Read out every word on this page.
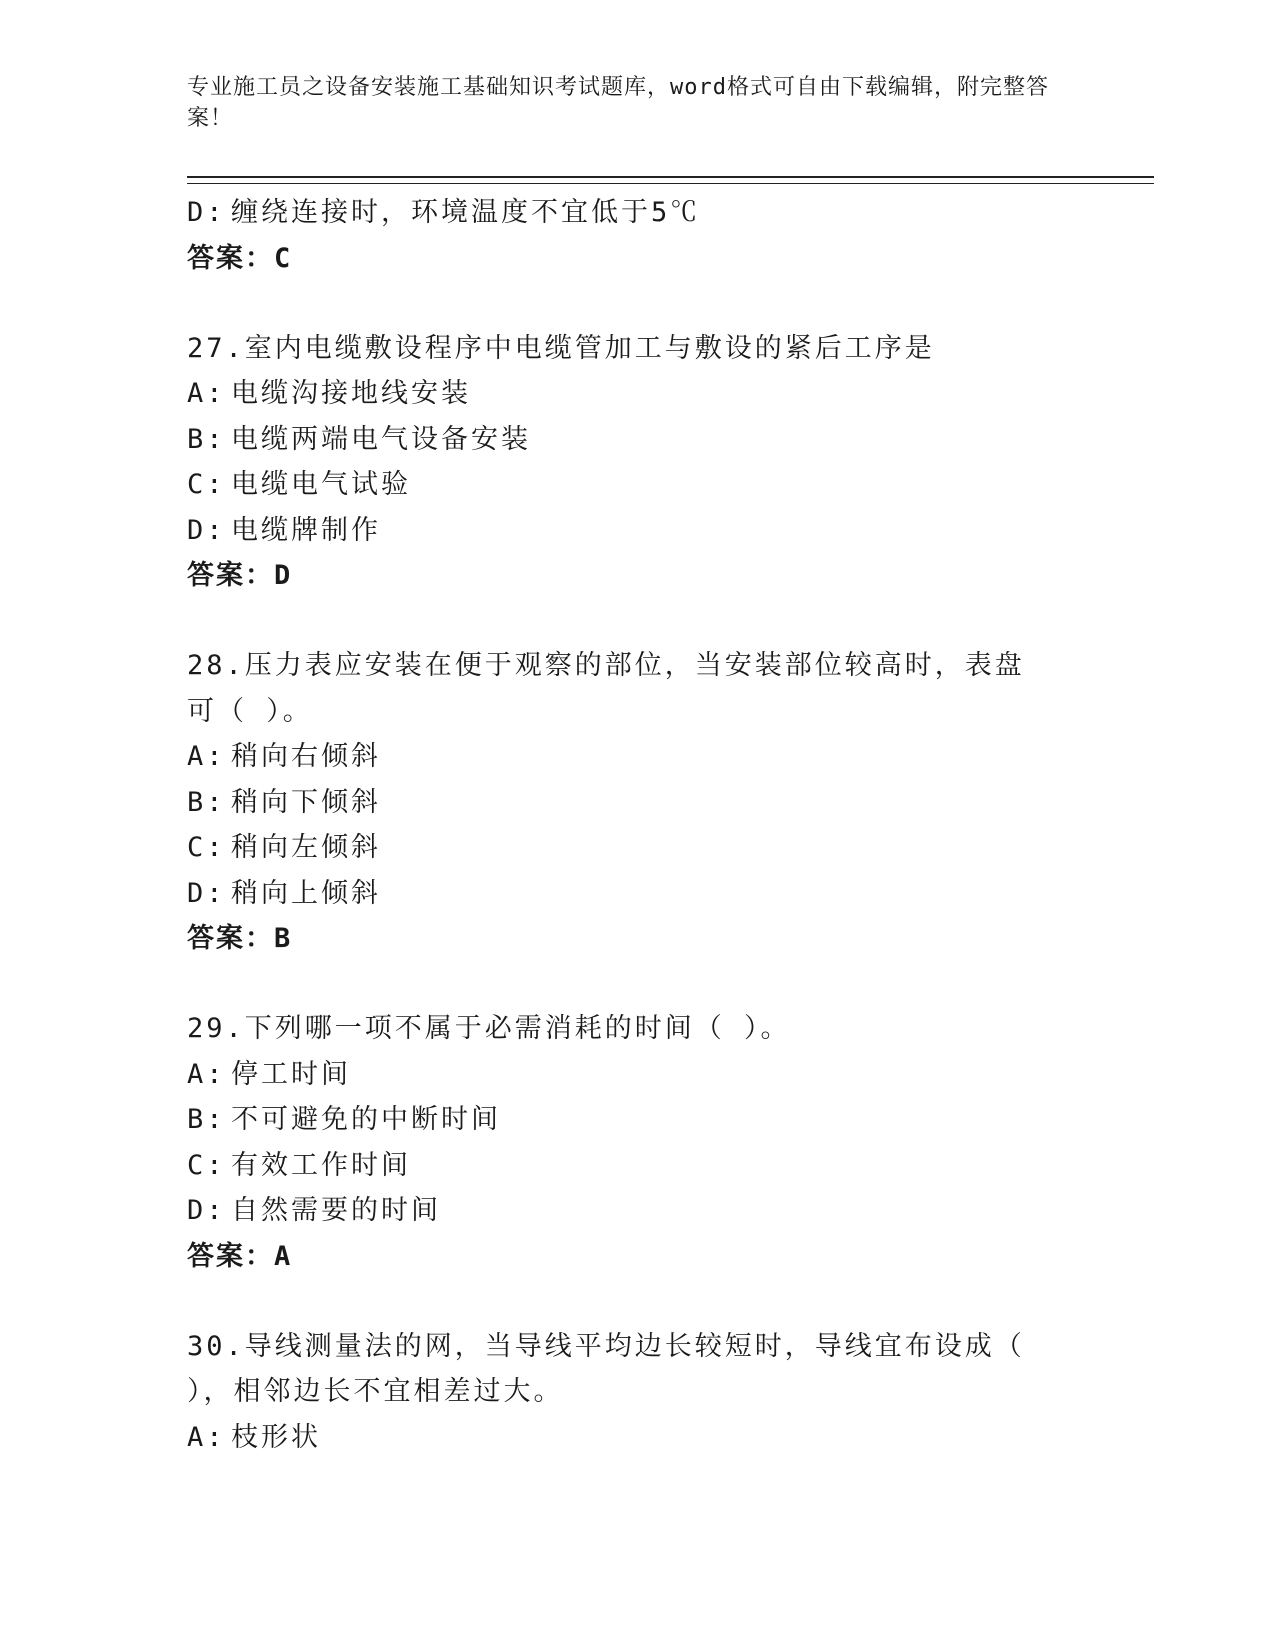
专业施工员之设备安装施工基础知识考试题库，word格式可自由下载编辑，附完整答案！
D: 缠绕连接时，环境温度不宜低于5℃
答案：C
27.室内电缆敷设程序中电缆管加工与敷设的紧后工序是
A: 电缆沟接地线安装
B: 电缆两端电气设备安装
C: 电缆电气试验
D: 电缆牌制作
答案：D
28.压力表应安装在便于观察的部位，当安装部位较高时，表盘可（ ）。
A: 稍向右倾斜
B: 稍向下倾斜
C: 稍向左倾斜
D: 稍向上倾斜
答案：B
29.下列哪一项不属于必需消耗的时间（ ）。
A: 停工时间
B: 不可避免的中断时间
C: 有效工作时间
D: 自然需要的时间
答案：A
30.导线测量法的网，当导线平均边长较短时，导线宜布设成（ ），相邻边长不宜相差过大。
A: 枝形状
